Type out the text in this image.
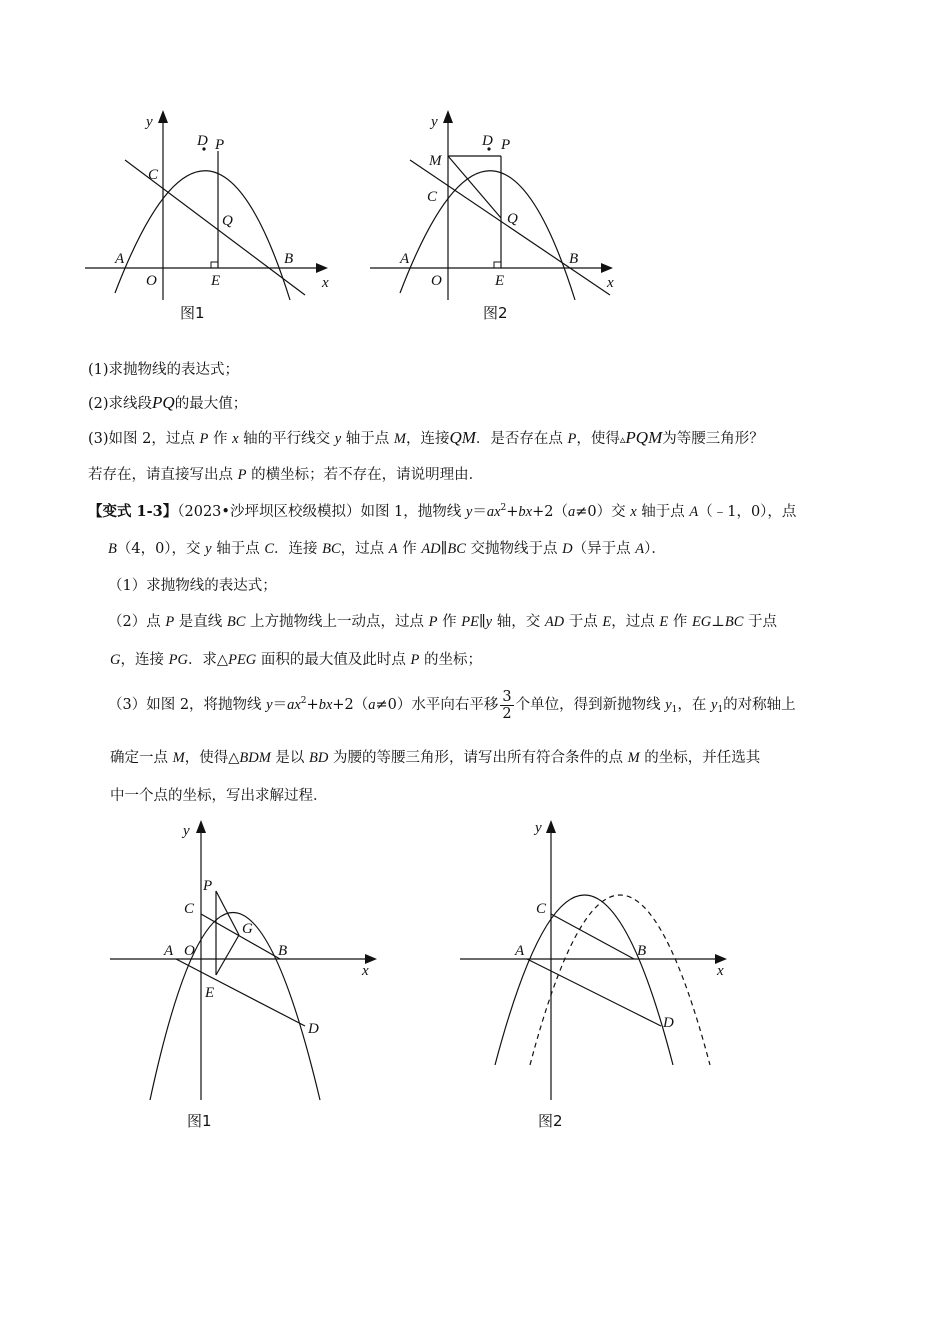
y
x
O
A	B
C
D P
Q
E
图1
y
x
O
A	B
C
M
D P
Q
E
图2
(1)求抛物线的表达式；
(2)求线段PQ的最大值；
(3)如图 2，过点 P 作 x 轴的平行线交 y 轴于点 M，连接QM．是否存在点 P，使得▵PQM为等腰三角形？
若存在，请直接写出点 P 的横坐标；若不存在，请说明理由．
【变式 1-3】（2023•沙坪坝区校级模拟）如图 1，抛物线 $y=ax^2+bx+2(a\ne 0)$交 x 轴于点 A（﹣1，0），点
B（4，0），交 y 轴于点 C．连接 BC，过点 A 作 AD∥BC 交抛物线于点 D（异于点 A）．
（1）求抛物线的表达式；
（2）点 P 是直线 BC 上方抛物线上一动点，过点 P 作 PE∥y 轴，交 AD 于点 E，过点 E 作 EG⊥BC 于点
G，连接 PG．求△PEG 面积的最大值及此时点 P 的坐标；
（3）如图 2，将抛物线 $y=ax^2+bx+2(a\ne 0)$水平向右平移 $\frac{3}{2}$ 个单位，得到新抛物线 $y_1$，在 $y_1$的对称轴上
确定一点 M，使得△BDM 是以 BD 为腰的等腰三角形，请写出所有符合条件的点 M 的坐标，并任选其
中一个点的坐标，写出求解过程．
y
x
A O	B
C
P
G
E
D
图1
y
x
A	B
C
D
图2
